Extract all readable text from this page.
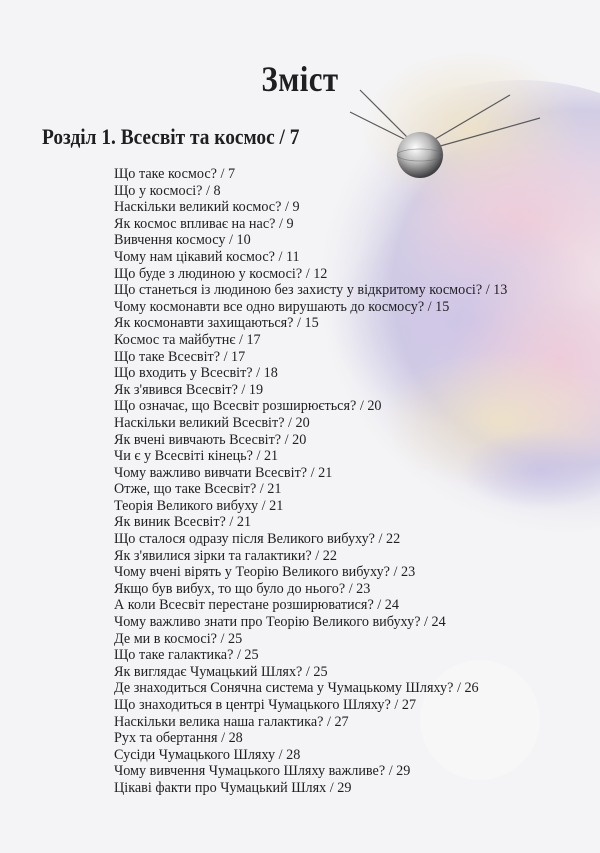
Зміст
Розділ 1. Всесвіт та космос / 7
Що таке космос? / 7
Що у космосі? / 8
Наскільки великий космос? / 9
Як космос впливає на нас? / 9
Вивчення космосу / 10
Чому нам цікавий космос? / 11
Що буде з людиною у космосі? / 12
Що станеться із людиною без захисту у відкритому космосі? / 13
Чому космонавти все одно вирушають до космосу? / 15
Як космонавти захищаються? / 15
Космос та майбутнє / 17
Що таке Всесвіт? / 17
Що входить у Всесвіт? / 18
Як з'явився Всесвіт? / 19
Що означає, що Всесвіт розширюється? / 20
Наскільки великий Всесвіт? / 20
Як вчені вивчають Всесвіт? / 20
Чи є у Всесвіті кінець? / 21
Чому важливо вивчати Всесвіт? / 21
Отже, що таке Всесвіт? / 21
Теорія Великого вибуху / 21
Як виник Всесвіт? / 21
Що сталося одразу після Великого вибуху? / 22
Як з'явилися зірки та галактики? / 22
Чому вчені вірять у Теорію Великого вибуху? / 23
Якщо був вибух, то що було до нього? / 23
А коли Всесвіт перестане розширюватися? / 24
Чому важливо знати про Теорію Великого вибуху? / 24
Де ми в космосі? / 25
Що таке галактика? / 25
Як виглядає Чумацький Шлях? / 25
Де знаходиться Сонячна система у Чумацькому Шляху? / 26
Що знаходиться в центрі Чумацького Шляху? / 27
Наскільки велика наша галактика? / 27
Рух та обертання / 28
Сусіди Чумацького Шляху / 28
Чому вивчення Чумацького Шляху важливе? / 29
Цікаві факти про Чумацький Шлях / 29
